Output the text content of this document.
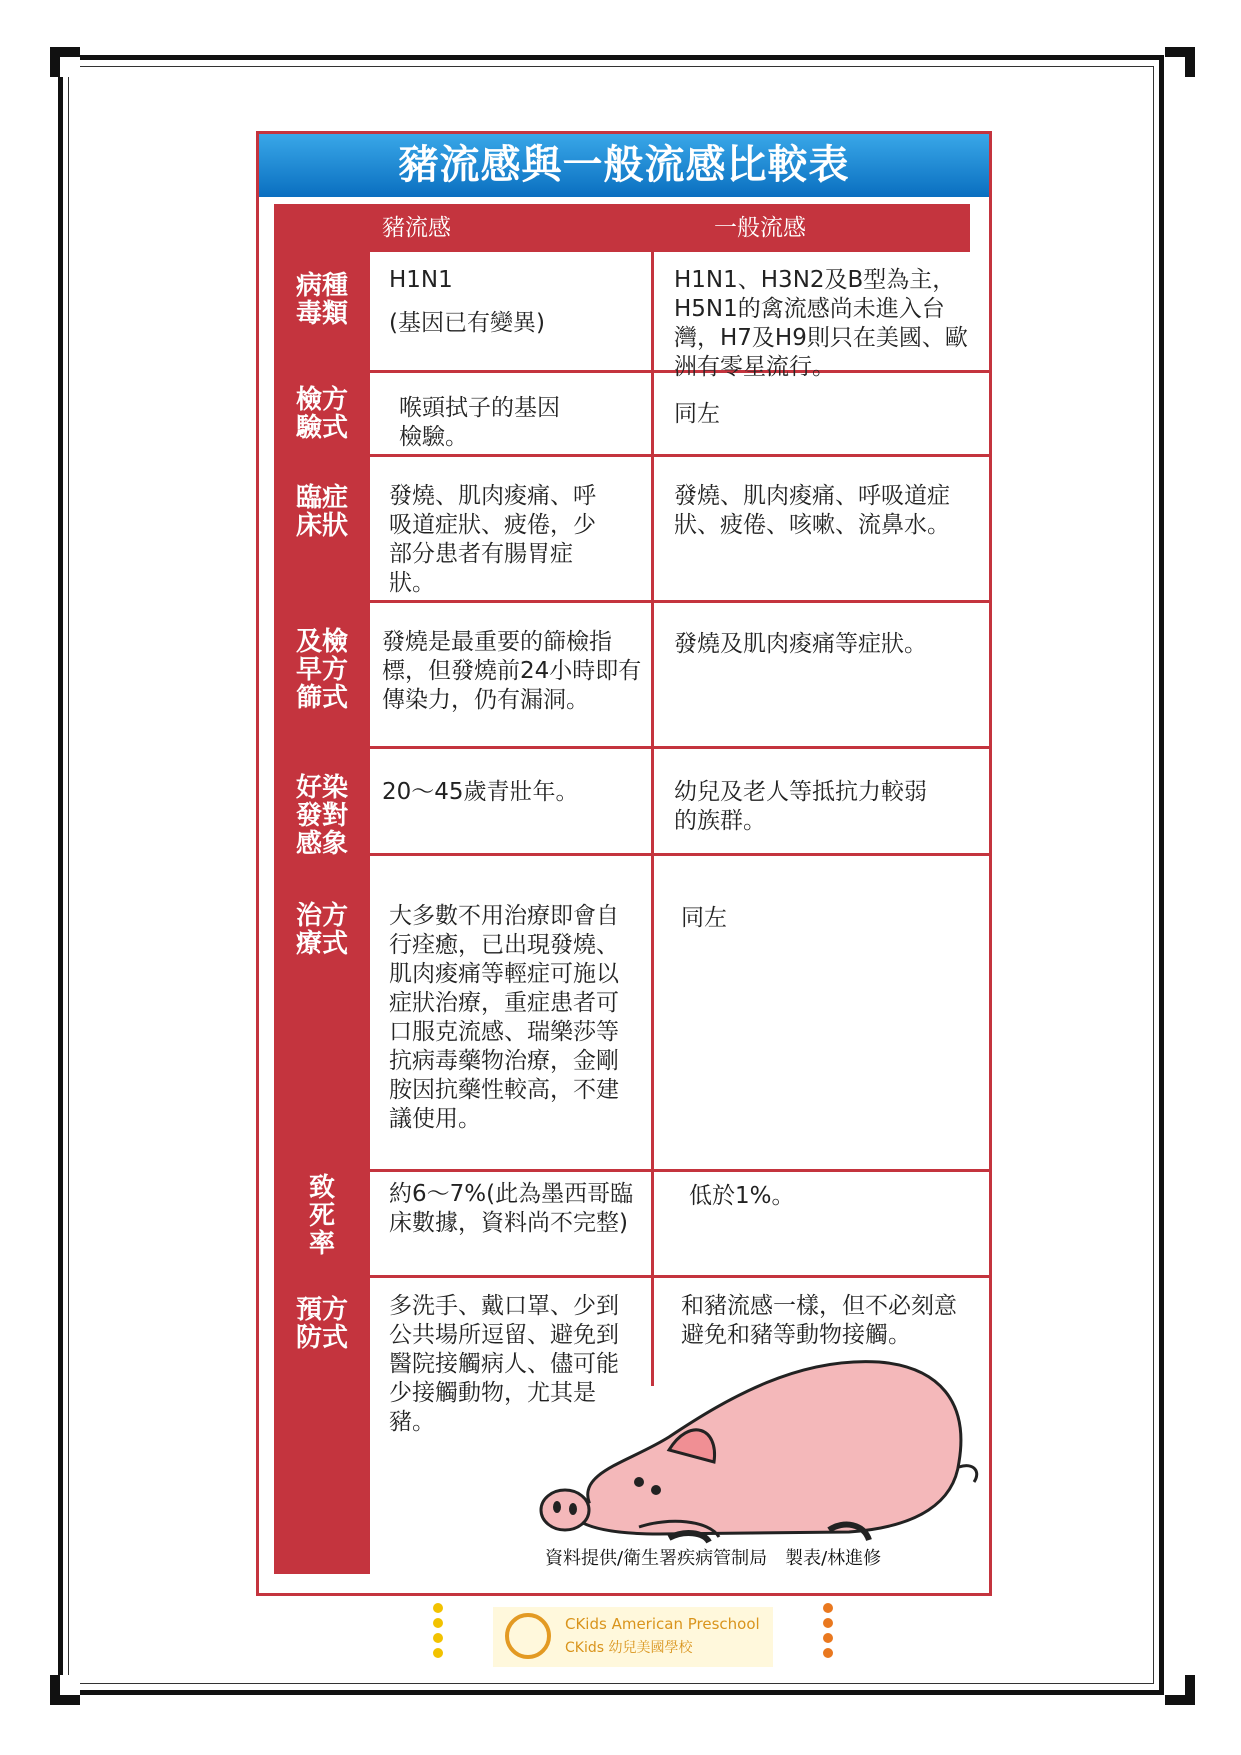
豬流感與一般流感比較表
豬流感	一般流感
病種
毒類
H1N1
(基因已有變異)
H1N1、H3N2及B型為主，H5N1的禽流感尚未進入台灣，H7及H9則只在美國、歐洲有零星流行。
檢方
驗式
喉頭拭子的基因檢驗。
同左
臨症
床狀
發燒、肌肉痠痛、呼吸道症狀、疲倦，少部分患者有腸胃症狀。
發燒、肌肉痠痛、呼吸道症狀、疲倦、咳嗽、流鼻水。
及檢
早方
篩式
發燒是最重要的篩檢指標，但發燒前24小時即有傳染力，仍有漏洞。
發燒及肌肉痠痛等症狀。
好染
發對
感象
20～45歲青壯年。	幼兒及老人等抵抗力較弱的族群。
治方
療式
大多數不用治療即會自行痊癒，已出現發燒、肌肉痠痛等輕症可施以症狀治療，重症患者可口服克流感、瑞樂莎等抗病毒藥物治療，金剛胺因抗藥性較高，不建議使用。
同左
致
死
率
約6～7%(此為墨西哥臨床數據，資料尚不完整)
低於1%。
預方
防式
多洗手、戴口罩、少到公共場所逗留、避免到醫院接觸病人、儘可能少接觸動物，尤其是豬。
和豬流感一樣，但不必刻意避免和豬等動物接觸。
資料提供/衛生署疾病管制局　製表/林進修
CKids American Preschool
CKids 幼兒美國學校
